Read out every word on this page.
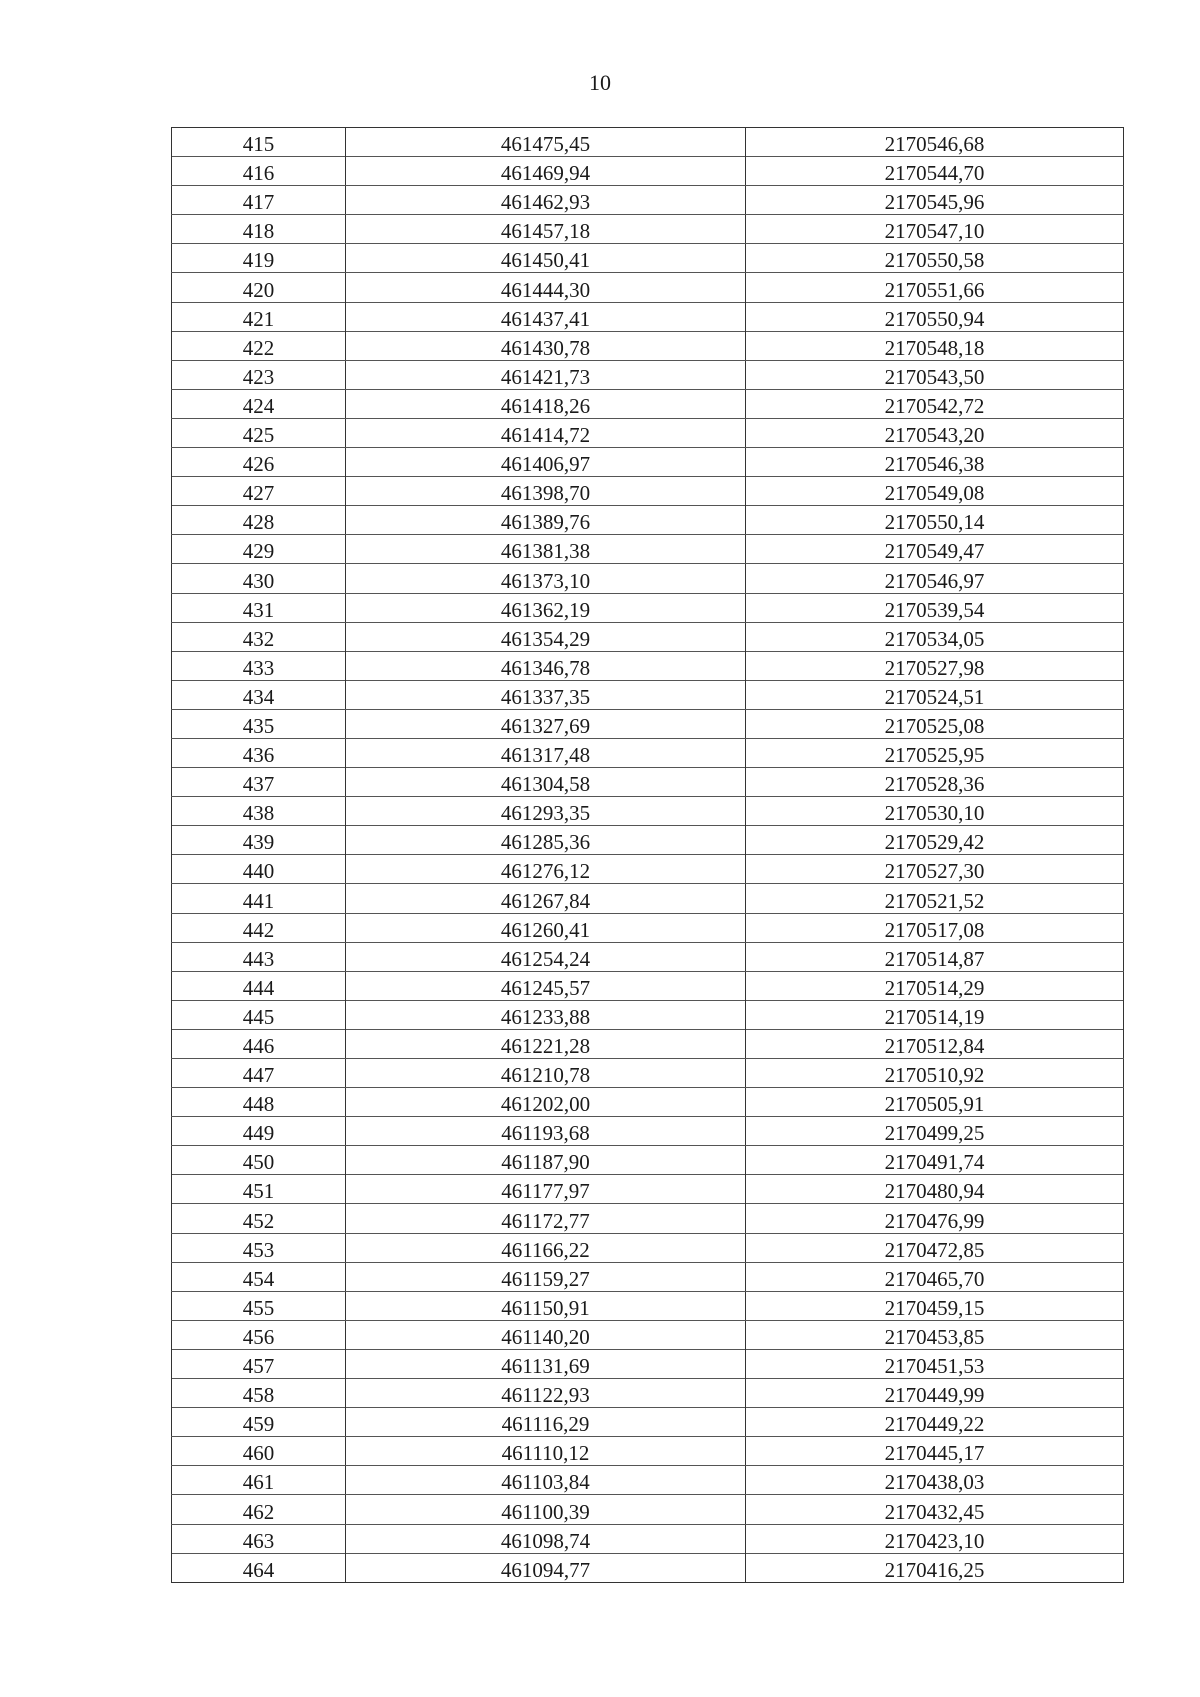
10
415	461475,45	2170546,68
416	461469,94	2170544,70
417	461462,93	2170545,96
418	461457,18	2170547,10
419	461450,41	2170550,58
420	461444,30	2170551,66
421	461437,41	2170550,94
422	461430,78	2170548,18
423	461421,73	2170543,50
424	461418,26	2170542,72
425	461414,72	2170543,20
426	461406,97	2170546,38
427	461398,70	2170549,08
428	461389,76	2170550,14
429	461381,38	2170549,47
430	461373,10	2170546,97
431	461362,19	2170539,54
432	461354,29	2170534,05
433	461346,78	2170527,98
434	461337,35	2170524,51
435	461327,69	2170525,08
436	461317,48	2170525,95
437	461304,58	2170528,36
438	461293,35	2170530,10
439	461285,36	2170529,42
440	461276,12	2170527,30
441	461267,84	2170521,52
442	461260,41	2170517,08
443	461254,24	2170514,87
444	461245,57	2170514,29
445	461233,88	2170514,19
446	461221,28	2170512,84
447	461210,78	2170510,92
448	461202,00	2170505,91
449	461193,68	2170499,25
450	461187,90	2170491,74
451	461177,97	2170480,94
452	461172,77	2170476,99
453	461166,22	2170472,85
454	461159,27	2170465,70
455	461150,91	2170459,15
456	461140,20	2170453,85
457	461131,69	2170451,53
458	461122,93	2170449,99
459	461116,29	2170449,22
460	461110,12	2170445,17
461	461103,84	2170438,03
462	461100,39	2170432,45
463	461098,74	2170423,10
464	461094,77	2170416,25
